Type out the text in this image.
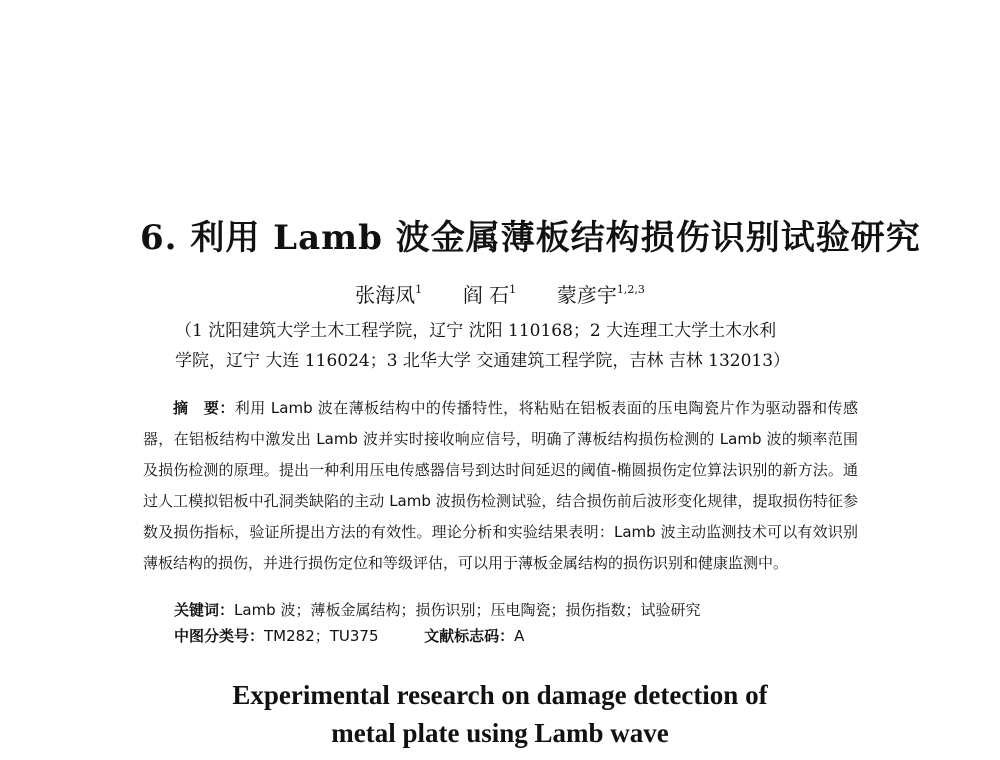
6. 利用 Lamb 波金属薄板结构损伤识别试验研究
张海凤$^1$ 阎 石$^1$ 蒙彦宇$^{1,2,3}$
（1 沈阳建筑大学土木工程学院，辽宁 沈阳 110168；2 大连理工大学土木水利
学院，辽宁 大连 116024；3 北华大学 交通建筑工程学院，吉林 吉林 132013）

摘　要：利用 Lamb 波在薄板结构中的传播特性，将粘贴在铝板表面的压电陶瓷片作为驱动器和传感器，在铝板结构中激发出 Lamb 波并实时接收响应信号，明确了薄板结构损伤检测的 Lamb 波的频率范围及损伤检测的原理。提出一种利用压电传感器信号到达时间延迟的阈值-椭圆损伤定位算法识别的新方法。通过人工模拟铝板中孔洞类缺陷的主动 Lamb 波损伤检测试验，结合损伤前后波形变化规律，提取损伤特征参数及损伤指标，验证所提出方法的有效性。理论分析和实验结果表明：Lamb 波主动监测技术可以有效识别薄板结构的损伤，并进行损伤定位和等级评估，可以用于薄板金属结构的损伤识别和健康监测中。

关键词：Lamb 波；薄板金属结构；损伤识别；压电陶瓷；损伤指数；试验研究
中图分类号：TM282；TU375	文献标志码：A
Experimental research on damage detection of
metal plate using Lamb wave
